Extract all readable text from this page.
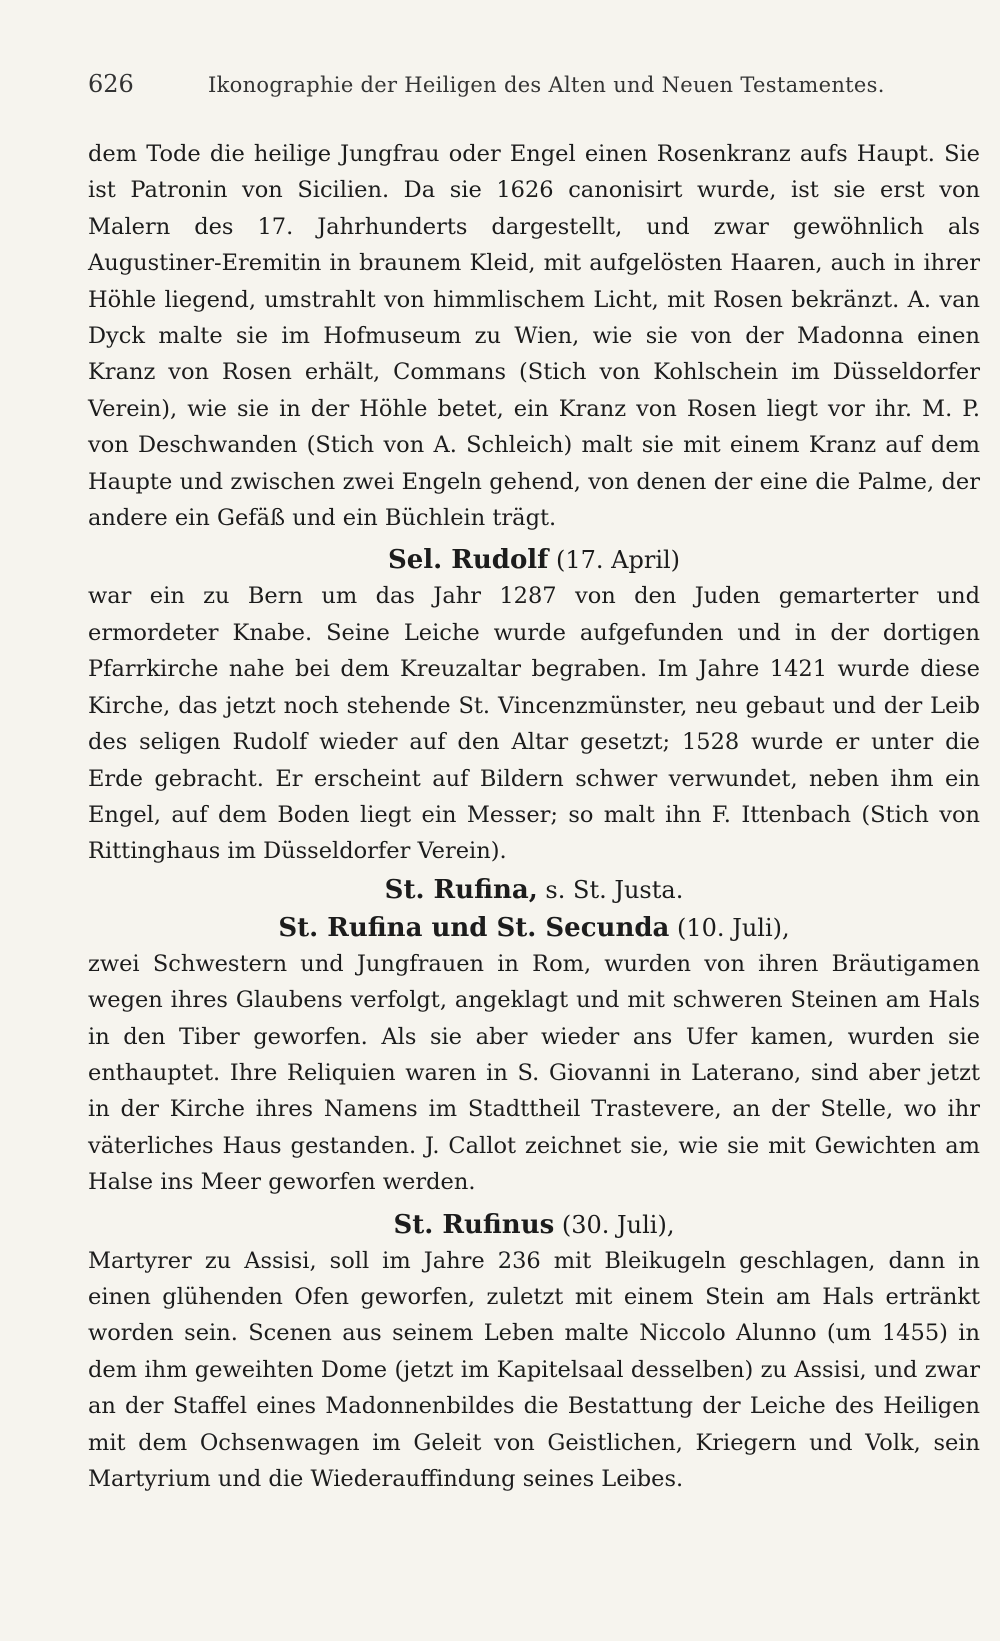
626	Ikonographie der Heiligen des Alten und Neuen Testamentes.

dem Tode die heilige Jungfrau oder Engel einen Rosenkranz aufs Haupt. Sie ist Patronin von Sicilien. Da sie 1626 canonisirt wurde, ist sie erst von Malern des 17. Jahrhunderts dargestellt, und zwar gewöhnlich als Augustiner-Eremitin in braunem Kleid, mit aufgelösten Haaren, auch in ihrer Höhle liegend, umstrahlt von himmlischem Licht, mit Rosen bekränzt. A. van Dyck malte sie im Hofmuseum zu Wien, wie sie von der Madonna einen Kranz von Rosen erhält, Commans (Stich von Kohlschein im Düsseldorfer Verein), wie sie in der Höhle betet, ein Kranz von Rosen liegt vor ihr. M. P. von Deschwanden (Stich von A. Schleich) malt sie mit einem Kranz auf dem Haupte und zwischen zwei Engeln gehend, von denen der eine die Palme, der andere ein Gefäß und ein Büchlein trägt.

Sel. Rudolf (17. April)

war ein zu Bern um das Jahr 1287 von den Juden gemarterter und ermordeter Knabe. Seine Leiche wurde aufgefunden und in der dortigen Pfarrkirche nahe bei dem Kreuzaltar begraben. Im Jahre 1421 wurde diese Kirche, das jetzt noch stehende St. Vincenzmünster, neu gebaut und der Leib des seligen Rudolf wieder auf den Altar gesetzt; 1528 wurde er unter die Erde gebracht. Er erscheint auf Bildern schwer verwundet, neben ihm ein Engel, auf dem Boden liegt ein Messer; so malt ihn F. Ittenbach (Stich von Rittinghaus im Düsseldorfer Verein).

St. Rufina, s. St. Justa.
St. Rufina und St. Secunda (10. Juli),

zwei Schwestern und Jungfrauen in Rom, wurden von ihren Bräutigamen wegen ihres Glaubens verfolgt, angeklagt und mit schweren Steinen am Hals in den Tiber geworfen. Als sie aber wieder ans Ufer kamen, wurden sie enthauptet. Ihre Reliquien waren in S. Giovanni in Laterano, sind aber jetzt in der Kirche ihres Namens im Stadttheil Trastevere, an der Stelle, wo ihr väterliches Haus gestanden. J. Callot zeichnet sie, wie sie mit Gewichten am Halse ins Meer geworfen werden.

St. Rufinus (30. Juli),

Martyrer zu Assisi, soll im Jahre 236 mit Bleikugeln geschlagen, dann in einen glühenden Ofen geworfen, zuletzt mit einem Stein am Hals ertränkt worden sein. Scenen aus seinem Leben malte Niccolo Alunno (um 1455) in dem ihm geweihten Dome (jetzt im Kapitelsaal desselben) zu Assisi, und zwar an der Staffel eines Madonnenbildes die Bestattung der Leiche des Heiligen mit dem Ochsenwagen im Geleit von Geistlichen, Kriegern und Volk, sein Martyrium und die Wiederauffindung seines Leibes.
